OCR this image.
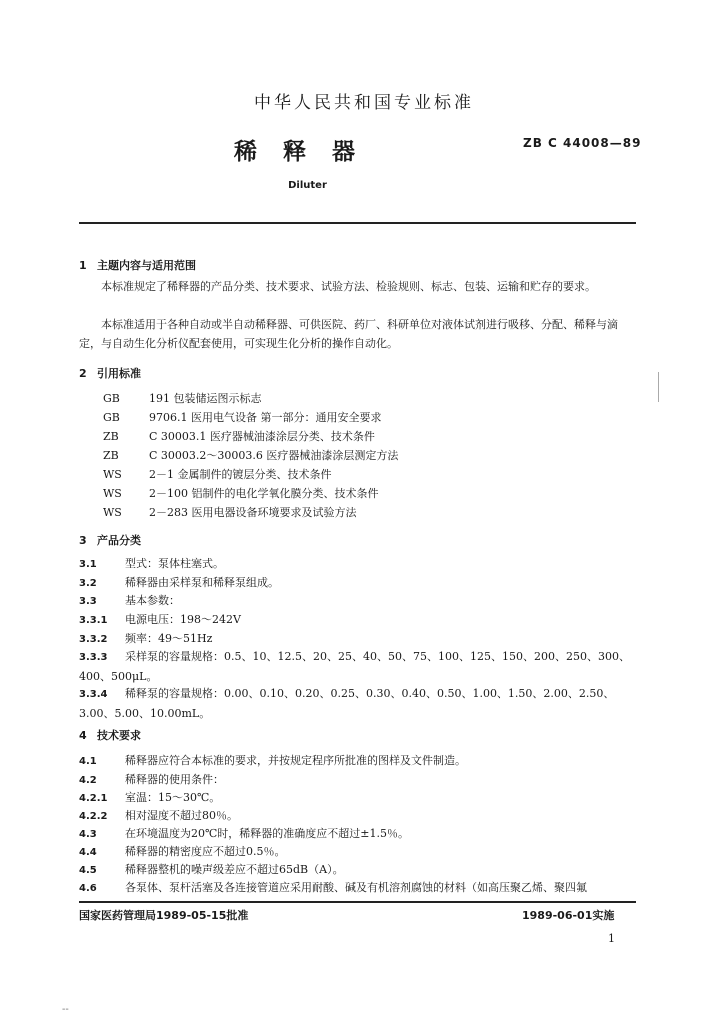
中华人民共和国专业标准
稀释器	ZB C 44008—89
Diluter
1 主题内容与适用范围
本标准规定了稀释器的产品分类、技术要求、试验方法、检验规则、标志、包装、运输和贮存的要求。
本标准适用于各种自动或半自动稀释器、可供医院、药厂、科研单位对液体试剂进行吸移、分配、稀释与滴定，与自动生化分析仪配套使用，可实现生化分析的操作自动化。
2 引用标准
GB	191 包装储运图示标志
GB	9706.1 医用电气设备 第一部分：通用安全要求
ZB	C 30003.1 医疗器械油漆涂层分类、技术条件
ZB	C 30003.2～30003.6 医疗器械油漆涂层测定方法
WS 2－1 金属制件的镀层分类、技术条件
WS 2－100 铝制件的电化学氧化膜分类、技术条件
WS 2－283 医用电器设备环境要求及试验方法
3 产品分类
3.1	型式：泵体柱塞式。
3.2	稀释器由采样泵和稀释泵组成。
3.3	基本参数：
3.3.1 电源电压：198～242V
3.3.2 频率：49～51Hz
3.3.3 采样泵的容量规格：0.5、10、12.5、20、25、40、50、75、100、125、150、200、250、300、400、500μL。
3.3.4 稀释泵的容量规格：0.00、0.10、0.20、0.25、0.30、0.40、0.50、1.00、1.50、2.00、2.50、3.00、5.00、10.00mL。
4 技术要求
4.1	稀释器应符合本标准的要求，并按规定程序所批准的图样及文件制造。
4.2	稀释器的使用条件：
4.2.1 室温：15～30℃。
4.2.2 相对湿度不超过80％。
4.3	在环境温度为20℃时，稀释器的准确度应不超过±1.5％。
4.4	稀释器的精密度应不超过0.5％。
4.5	稀释器整机的噪声级差应不超过65dB（A）。
4.6	各泵体、泵杆活塞及各连接管道应采用耐酸、碱及有机溶剂腐蚀的材料（如高压聚乙烯、聚四氟
国家医药管理局1989-05-15批准	1989-06-01实施
1
--
